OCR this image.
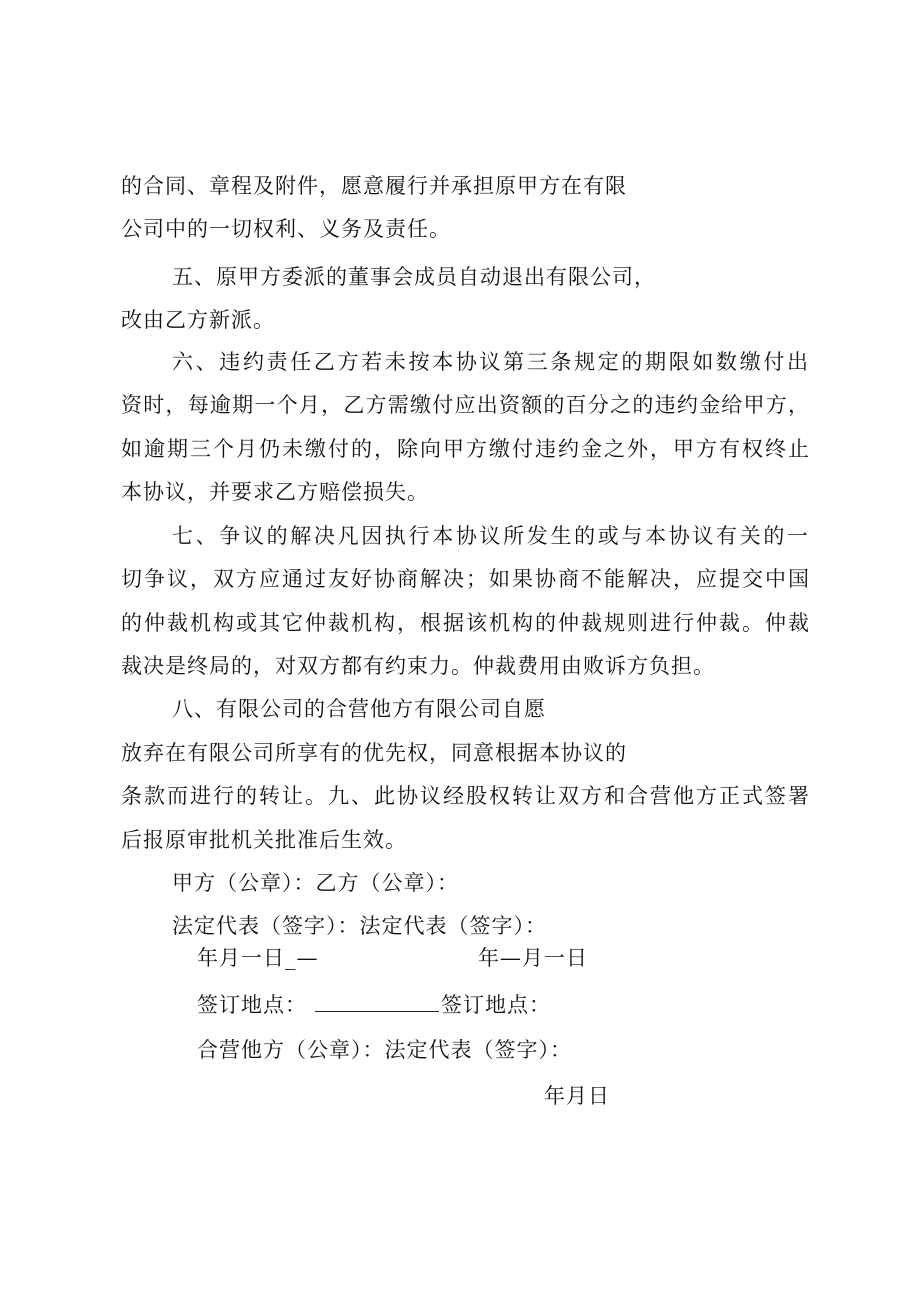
的合同、章程及附件，愿意履行并承担原甲方在有限
公司中的一切权利、义务及责任。
五、原甲方委派的董事会成员自动退出有限公司，
改由乙方新派。
六、违约责任乙方若未按本协议第三条规定的期限如数缴付出
资时，每逾期一个月，乙方需缴付应出资额的百分之的违约金给甲方，
如逾期三个月仍未缴付的，除向甲方缴付违约金之外，甲方有权终止
本协议，并要求乙方赔偿损失。
七、争议的解决凡因执行本协议所发生的或与本协议有关的一
切争议，双方应通过友好协商解决；如果协商不能解决，应提交中国
的仲裁机构或其它仲裁机构，根据该机构的仲裁规则进行仲裁。仲裁
裁决是终局的，对双方都有约束力。仲裁费用由败诉方负担。
八、有限公司的合营他方有限公司自愿
放弃在有限公司所享有的优先权，同意根据本协议的
条款而进行的转让。九、此协议经股权转让双方和合营他方正式签署
后报原审批机关批准后生效。
甲方（公章）：乙方（公章）：
法定代表（签字）：法定代表（签字）：
年月一日_—	年—月一日
签订地点：	签订地点：
合营他方（公章）：法定代表（签字）：
年月日
